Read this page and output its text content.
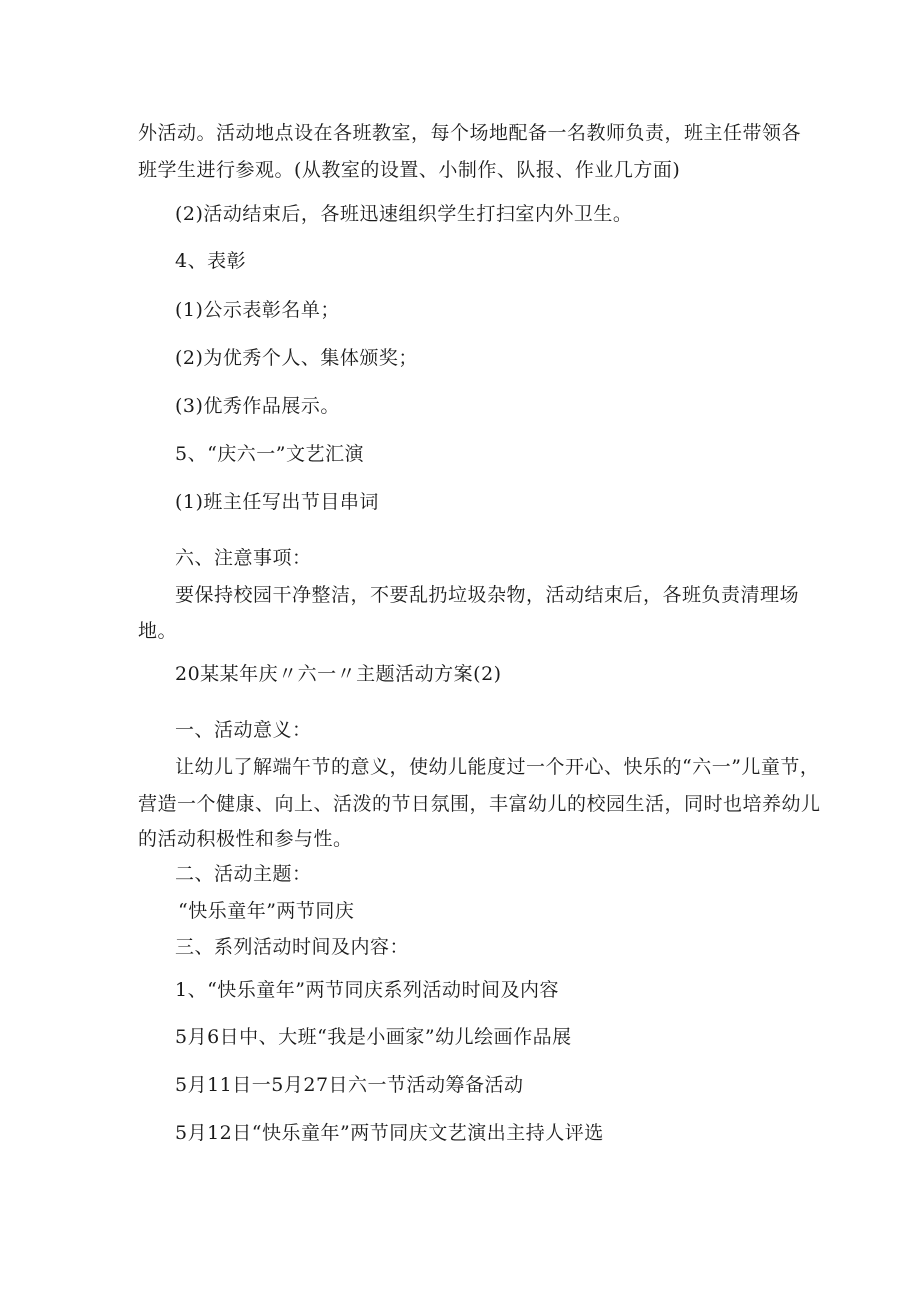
外活动。活动地点设在各班教室，每个场地配备一名教师负责，班主任带领各
班学生进行参观。(从教室的设置、小制作、队报、作业几方面)
(2)活动结束后，各班迅速组织学生打扫室内外卫生。
4、表彰
(1)公示表彰名单；
(2)为优秀个人、集体颁奖；
(3)优秀作品展示。
5、“庆六一”文艺汇演
(1)班主任写出节目串词
六、注意事项：
要保持校园干净整洁，不要乱扔垃圾杂物，活动结束后，各班负责清理场
地。
20某某年庆〃六一〃主题活动方案(2)
一、活动意义：
让幼儿了解端午节的意义，使幼儿能度过一个开心、快乐的“六一”儿童节，
营造一个健康、向上、活泼的节日氛围，丰富幼儿的校园生活，同时也培养幼儿
的活动积极性和参与性。
二、活动主题：
“快乐童年”两节同庆
三、系列活动时间及内容：
1、“快乐童年”两节同庆系列活动时间及内容
5月6日中、大班“我是小画家”幼儿绘画作品展
5月11日一5月27日六一节活动筹备活动
5月12日“快乐童年”两节同庆文艺演出主持人评选
